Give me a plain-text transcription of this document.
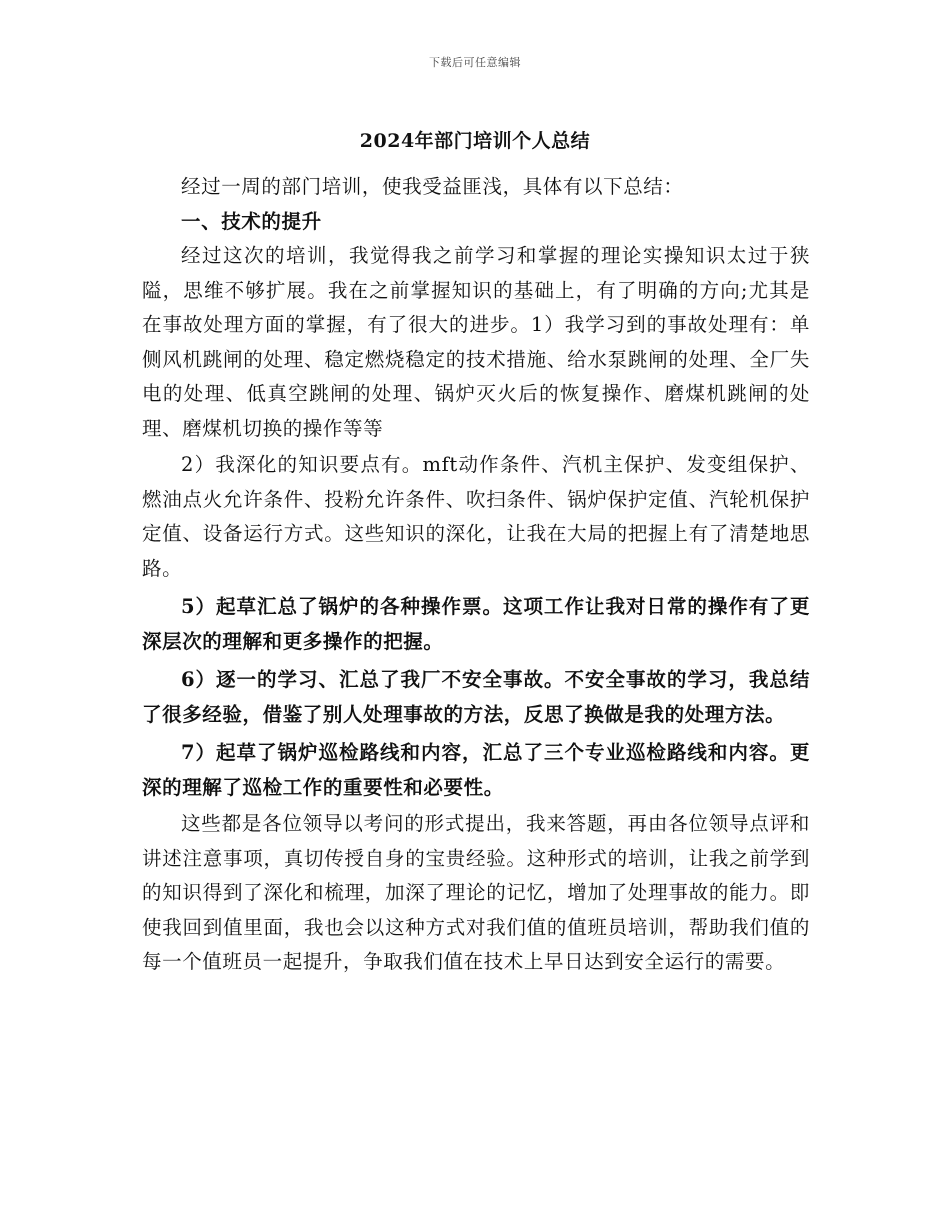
下载后可任意编辑
2024年部门培训个人总结

经过一周的部门培训，使我受益匪浅，具体有以下总结：

一、技术的提升

经过这次的培训，我觉得我之前学习和掌握的理论实操知识太过于狭隘，思维不够扩展。我在之前掌握知识的基础上，有了明确的方向;尤其是在事故处理方面的掌握，有了很大的进步。1）我学习到的事故处理有：单侧风机跳闸的处理、稳定燃烧稳定的技术措施、给水泵跳闸的处理、全厂失电的处理、低真空跳闸的处理、锅炉灭火后的恢复操作、磨煤机跳闸的处理、磨煤机切换的操作等等

2）我深化的知识要点有。mft动作条件、汽机主保护、发变组保护、燃油点火允许条件、投粉允许条件、吹扫条件、锅炉保护定值、汽轮机保护定值、设备运行方式。这些知识的深化，让我在大局的把握上有了清楚地思路。

5）起草汇总了锅炉的各种操作票。这项工作让我对日常的操作有了更深层次的理解和更多操作的把握。

6）逐一的学习、汇总了我厂不安全事故。不安全事故的学习，我总结了很多经验，借鉴了别人处理事故的方法，反思了换做是我的处理方法。

7）起草了锅炉巡检路线和内容，汇总了三个专业巡检路线和内容。更深的理解了巡检工作的重要性和必要性。

这些都是各位领导以考问的形式提出，我来答题，再由各位领导点评和讲述注意事项，真切传授自身的宝贵经验。这种形式的培训，让我之前学到的知识得到了深化和梳理，加深了理论的记忆，增加了处理事故的能力。即使我回到值里面，我也会以这种方式对我们值的值班员培训，帮助我们值的每一个值班员一起提升，争取我们值在技术上早日达到安全运行的需要。
